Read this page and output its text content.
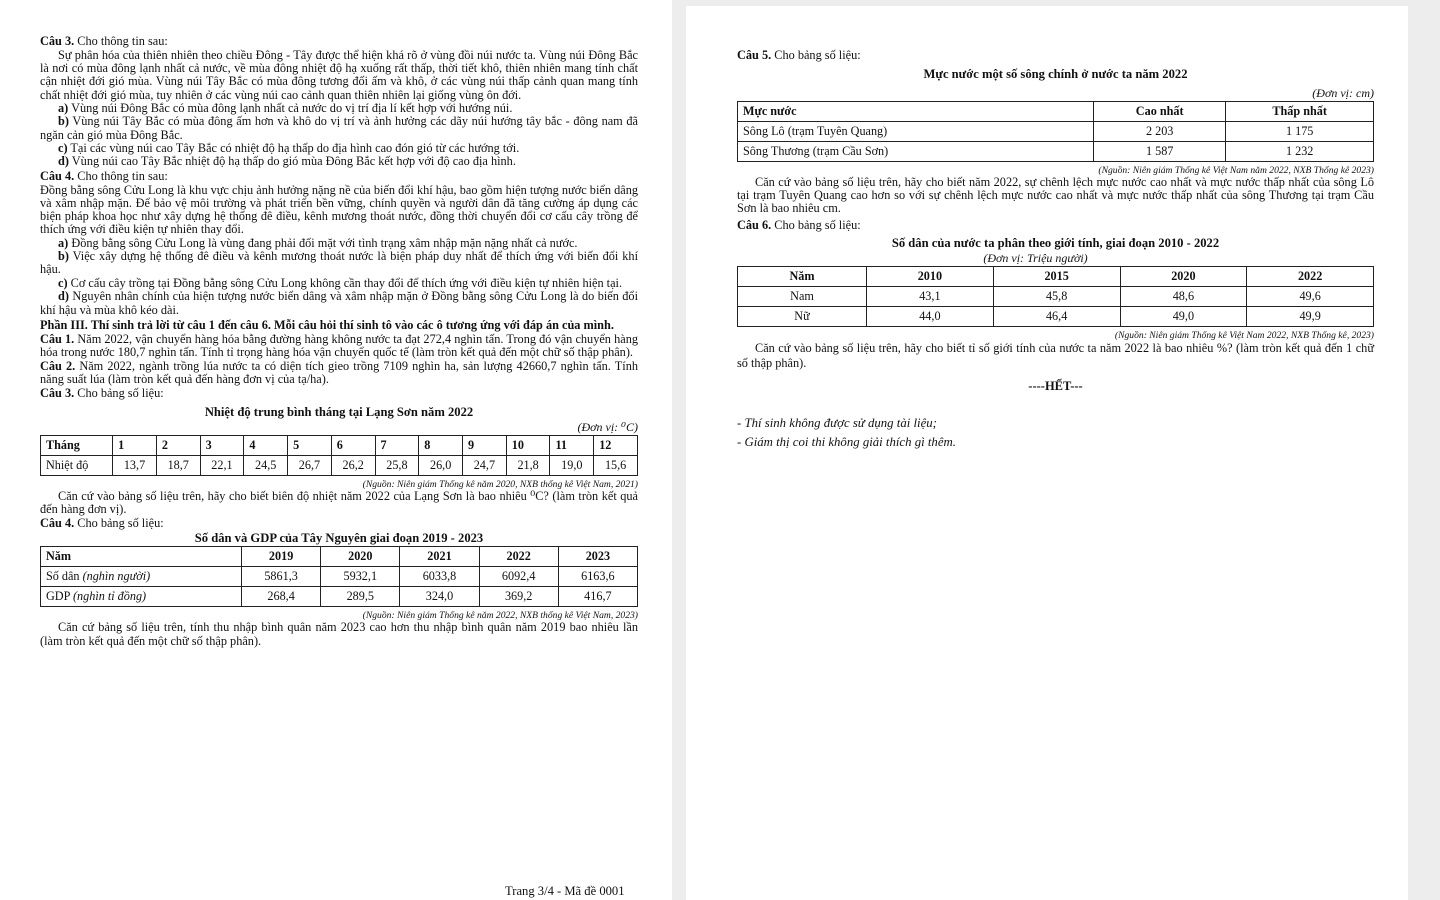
Câu 3. Cho thông tin sau:

Sự phân hóa của thiên nhiên theo chiều Đông - Tây được thể hiện khá rõ ở vùng đồi núi nước ta. Vùng núi Đông Bắc là nơi có mùa đông lạnh nhất cả nước, về mùa đông nhiệt độ hạ xuống rất thấp, thời tiết khô, thiên nhiên mang tính chất cận nhiệt đới gió mùa. Vùng núi Tây Bắc có mùa đông tương đối ấm và khô, ở các vùng núi thấp cảnh quan mang tính chất nhiệt đới gió mùa, tuy nhiên ở các vùng núi cao cảnh quan thiên nhiên lại giống vùng ôn đới.

a) Vùng núi Đông Bắc có mùa đông lạnh nhất cả nước do vị trí địa lí kết hợp với hướng núi.

b) Vùng núi Tây Bắc có mùa đông ấm hơn và khô do vị trí và ảnh hưởng các dãy núi hướng tây bắc - đông nam đã ngăn cản gió mùa Đông Bắc.

c) Tại các vùng núi cao Tây Bắc có nhiệt độ hạ thấp do địa hình cao đón gió từ các hướng tới.

d) Vùng núi cao Tây Bắc nhiệt độ hạ thấp do gió mùa Đông Bắc kết hợp với độ cao địa hình.

Câu 4. Cho thông tin sau:

Đồng bằng sông Cửu Long là khu vực chịu ảnh hưởng nặng nề của biến đổi khí hậu, bao gồm hiện tượng nước biển dâng và xâm nhập mặn. Để bảo vệ môi trường và phát triển bền vững, chính quyền và người dân đã tăng cường áp dụng các biện pháp khoa học như xây dựng hệ thống đê điều, kênh mương thoát nước, đồng thời chuyển đổi cơ cấu cây trồng để thích ứng với điều kiện tự nhiên thay đổi.

a) Đồng bằng sông Cửu Long là vùng đang phải đối mặt với tình trạng xâm nhập mặn nặng nhất cả nước.

b) Việc xây dựng hệ thống đê điều và kênh mương thoát nước là biện pháp duy nhất để thích ứng với biến đổi khí hậu.

c) Cơ cấu cây trồng tại Đồng bằng sông Cửu Long không cần thay đổi để thích ứng với điều kiện tự nhiên hiện tại.

d) Nguyên nhân chính của hiện tượng nước biển dâng và xâm nhập mặn ở Đồng bằng sông Cửu Long là do biến đổi khí hậu và mùa khô kéo dài.

Phần III. Thí sinh trả lời từ câu 1 đến câu 6. Mỗi câu hỏi thí sinh tô vào các ô tương ứng với đáp án của mình.

Câu 1. Năm 2022, vận chuyển hàng hóa bằng đường hàng không nước ta đạt 272,4 nghìn tấn. Trong đó vận chuyển hàng hóa trong nước 180,7 nghìn tấn. Tính tỉ trọng hàng hóa vận chuyển quốc tế (làm tròn kết quả đến một chữ số thập phân).

Câu 2. Năm 2022, ngành trồng lúa nước ta có diện tích gieo trồng 7109 nghìn ha, sản lượng 42660,7 nghìn tấn. Tính năng suất lúa (làm tròn kết quả đến hàng đơn vị của tạ/ha).

Câu 3. Cho bảng số liệu:

Nhiệt độ trung bình tháng tại Lạng Sơn năm 2022

(Đơn vị: ⁰C)

Tháng	1	2	3	4	5	6	7	8	9	10	11	12
Nhiệt độ	13,7	18,7	22,1	24,5	26,7	26,2	25,8	26,0	24,7	21,8	19,0	15,6

(Nguồn: Niên giám Thống kê năm 2020, NXB thống kê Việt Nam, 2021)

Căn cứ vào bảng số liệu trên, hãy cho biết biên độ nhiệt năm 2022 của Lạng Sơn là bao nhiêu ⁰C? (làm tròn kết quả đến hàng đơn vị).

Câu 4. Cho bảng số liệu:

Số dân và GDP của Tây Nguyên giai đoạn 2019 - 2023

Năm	2019	2020	2021	2022	2023
Số dân (nghìn người)	5861,3	5932,1	6033,8	6092,4	6163,6
GDP (nghìn tỉ đồng)	268,4	289,5	324,0	369,2	416,7

(Nguồn: Niên giám Thống kê năm 2022, NXB thống kê Việt Nam, 2023)

Căn cứ bảng số liệu trên, tính thu nhập bình quân năm 2023 cao hơn thu nhập bình quân năm 2019 bao nhiêu lần (làm tròn kết quả đến một chữ số thập phân).

Trang 3/4 - Mã đề 0001

Câu 5. Cho bảng số liệu:

Mực nước một số sông chính ở nước ta năm 2022

(Đơn vị: cm)

Mực nước	Cao nhất	Thấp nhất
Sông Lô (trạm Tuyên Quang)	2 203	1 175
Sông Thương (trạm Cầu Sơn)	1 587	1 232

(Nguồn: Niên giám Thống kê Việt Nam năm 2022, NXB Thống kê 2023)

Căn cứ vào bảng số liệu trên, hãy cho biết năm 2022, sự chênh lệch mực nước cao nhất và mực nước thấp nhất của sông Lô tại trạm Tuyên Quang cao hơn so với sự chênh lệch mực nước cao nhất và mực nước thấp nhất của sông Thương tại trạm Cầu Sơn là bao nhiêu cm.

Câu 6. Cho bảng số liệu:

Số dân của nước ta phân theo giới tính, giai đoạn 2010 - 2022

(Đơn vị: Triệu người)

Năm	2010	2015	2020	2022
Nam	43,1	45,8	48,6	49,6
Nữ	44,0	46,4	49,0	49,9

(Nguồn: Niên giám Thống kê Việt Nam 2022, NXB Thống kê, 2023)

Căn cứ vào bảng số liệu trên, hãy cho biết tỉ số giới tính của nước ta năm 2022 là bao nhiêu %? (làm tròn kết quả đến 1 chữ số thập phân).

----HẾT---

- Thí sinh không được sử dụng tài liệu;

- Giám thị coi thi không giải thích gì thêm.
